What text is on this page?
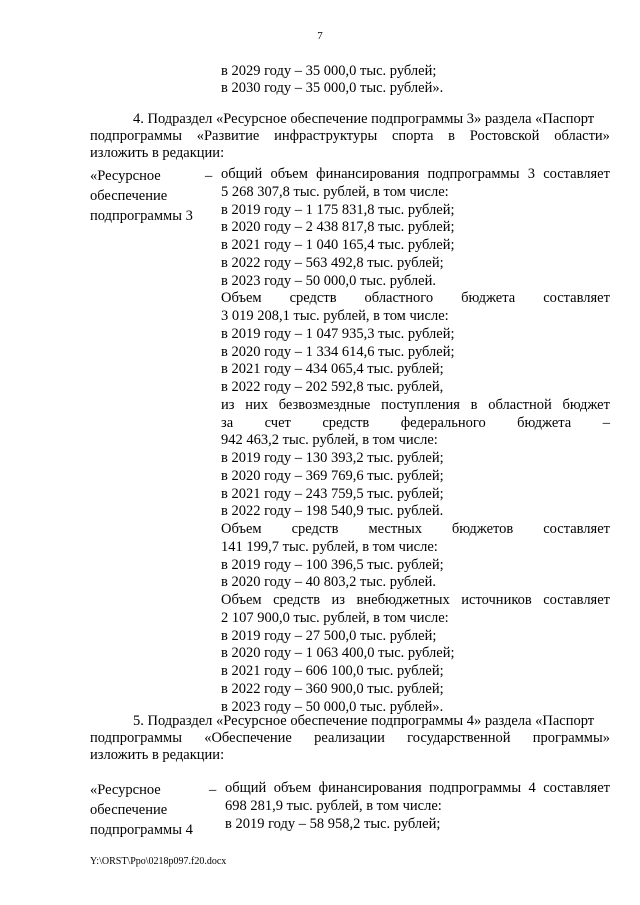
7
в 2029 году – 35 000,0 тыс. рублей;
в 2030 году – 35 000,0 тыс. рублей».
4. Подраздел «Ресурсное обеспечение подпрограммы 3» раздела «Паспорт
подпрограммы «Развитие инфраструктуры спорта в Ростовской области»
изложить в редакции:
«Ресурсное
обеспечение
подпрограммы 3
– общий объем финансирования подпрограммы 3 составляет
5 268 307,8 тыс. рублей, в том числе:
в 2019 году – 1 175 831,8 тыс. рублей;
в 2020 году – 2 438 817,8 тыс. рублей;
в 2021 году – 1 040 165,4 тыс. рублей;
в 2022 году – 563 492,8 тыс. рублей;
в 2023 году – 50 000,0 тыс. рублей.
Объем средств областного бюджета составляет
3 019 208,1 тыс. рублей, в том числе:
в 2019 году – 1 047 935,3 тыс. рублей;
в 2020 году – 1 334 614,6 тыс. рублей;
в 2021 году – 434 065,4 тыс. рублей;
в 2022 году – 202 592,8 тыс. рублей,
из них безвозмездные поступления в областной бюджет
за счет средств федерального бюджета –
942 463,2 тыс. рублей, в том числе:
в 2019 году – 130 393,2 тыс. рублей;
в 2020 году – 369 769,6 тыс. рублей;
в 2021 году – 243 759,5 тыс. рублей;
в 2022 году – 198 540,9 тыс. рублей.
Объем средств местных бюджетов составляет
141 199,7 тыс. рублей, в том числе:
в 2019 году – 100 396,5 тыс. рублей;
в 2020 году – 40 803,2 тыс. рублей.
Объем средств из внебюджетных источников составляет
2 107 900,0 тыс. рублей, в том числе:
в 2019 году – 27 500,0 тыс. рублей;
в 2020 году – 1 063 400,0 тыс. рублей;
в 2021 году – 606 100,0 тыс. рублей;
в 2022 году – 360 900,0 тыс. рублей;
в 2023 году – 50 000,0 тыс. рублей».
5. Подраздел «Ресурсное обеспечение подпрограммы 4» раздела «Паспорт
подпрограммы «Обеспечение реализации государственной программы»
изложить в редакции:
«Ресурсное
обеспечение
подпрограммы 4
– общий объем финансирования подпрограммы 4 составляет
698 281,9 тыс. рублей, в том числе:
в 2019 году – 58 958,2 тыс. рублей;
Y:\ORST\Ppo\0218p097.f20.docx
